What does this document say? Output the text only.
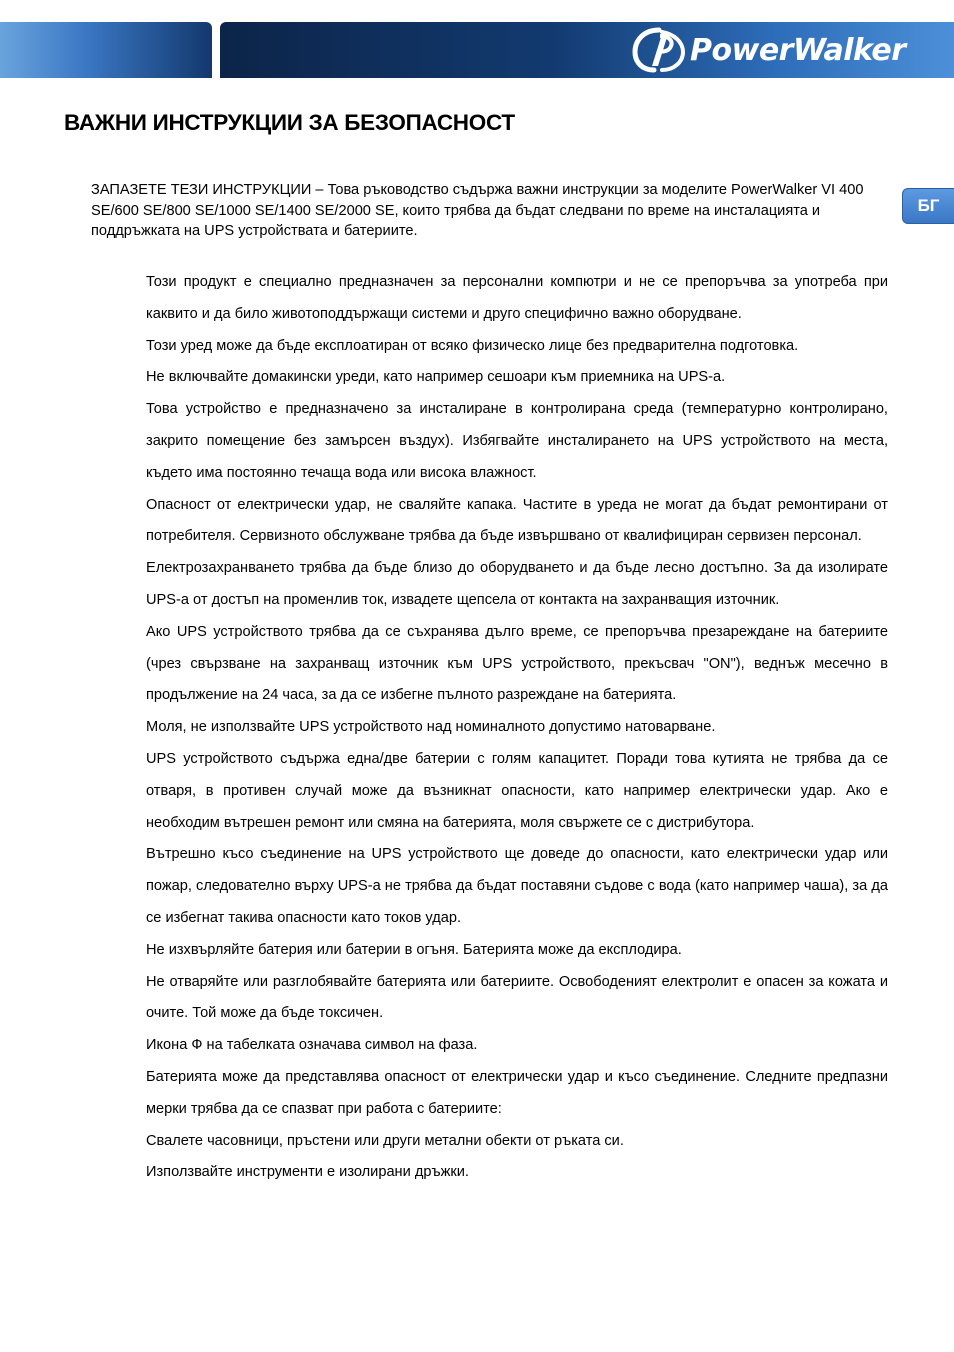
PowerWalker
БГ
ВАЖНИ ИНСТРУКЦИИ ЗА БЕЗОПАСНОСТ

ЗАПАЗЕТЕ ТЕЗИ ИНСТРУКЦИИ – Това ръководство съдържа важни инструкции за моделите PowerWalker VI 400 SE/600 SE/800 SE/1000 SE/1400 SE/2000 SE, които трябва да бъдат следвани по време на инсталацията и поддръжката на UPS устройствата и батериите.

Този продукт е специално предназначен за персонални компютри и не се препоръчва за употреба при каквито и да било животоподдържащи системи и друго специфично важно оборудване.
Този уред може да бъде експлоатиран от всяко физическо лице без предварителна подготовка.
Не включвайте домакински уреди, като например сешоари към приемника на UPS-а.
Това устройство е предназначено за инсталиране в контролирана среда (температурно контролирано, закрито помещение без замърсен въздух). Избягвайте инсталирането на UPS устройството на места, където има постоянно течаща вода или висока влажност.
Опасност от електрически удар, не сваляйте капака. Частите в уреда не могат да бъдат ремонтирани от потребителя. Сервизното обслужване трябва да бъде извършвано от квалифициран сервизен персонал.
Електрозахранването трябва да бъде близо до оборудването и да бъде лесно достъпно. За да изолирате UPS-а от достъп на променлив ток, извадете щепсела от контакта на захранващия източник.
Ако UPS устройството трябва да се съхранява дълго време, се препоръчва презареждане на батериите (чрез свързване на захранващ източник към UPS устройството, прекъсвач "ON"), веднъж месечно в продължение на 24 часа, за да се избегне пълното разреждане на батерията.
Моля, не използвайте UPS устройството над номиналното допустимо натоварване.
UPS устройството съдържа една/две батерии с голям капацитет. Поради това кутията не трябва да се отваря, в противен случай може да възникнат опасности, като например електрически удар. Ако е необходим вътрешен ремонт или смяна на батерията, моля свържете се с дистрибутора.
Вътрешно късо съединение на UPS устройството ще доведе до опасности, като електрически удар или пожар, следователно върху UPS-а не трябва да бъдат поставяни съдове с вода (като например чаша), за да се избегнат такива опасности като токов удар.
Не изхвърляйте батерия или батерии в огъня. Батерията може да експлодира.
Не отваряйте или разглобявайте батерията или батериите. Освободеният електролит е опасен за кожата и очите. Той може да бъде токсичен.
Икона Ф на табелката означава символ на фаза.
Батерията може да представлява опасност от електрически удар и късо съединение. Следните предпазни мерки трябва да се спазват при работа с батериите:
Свалете часовници, пръстени или други метални обекти от ръката си.
Използвайте инструменти е изолирани дръжки.
